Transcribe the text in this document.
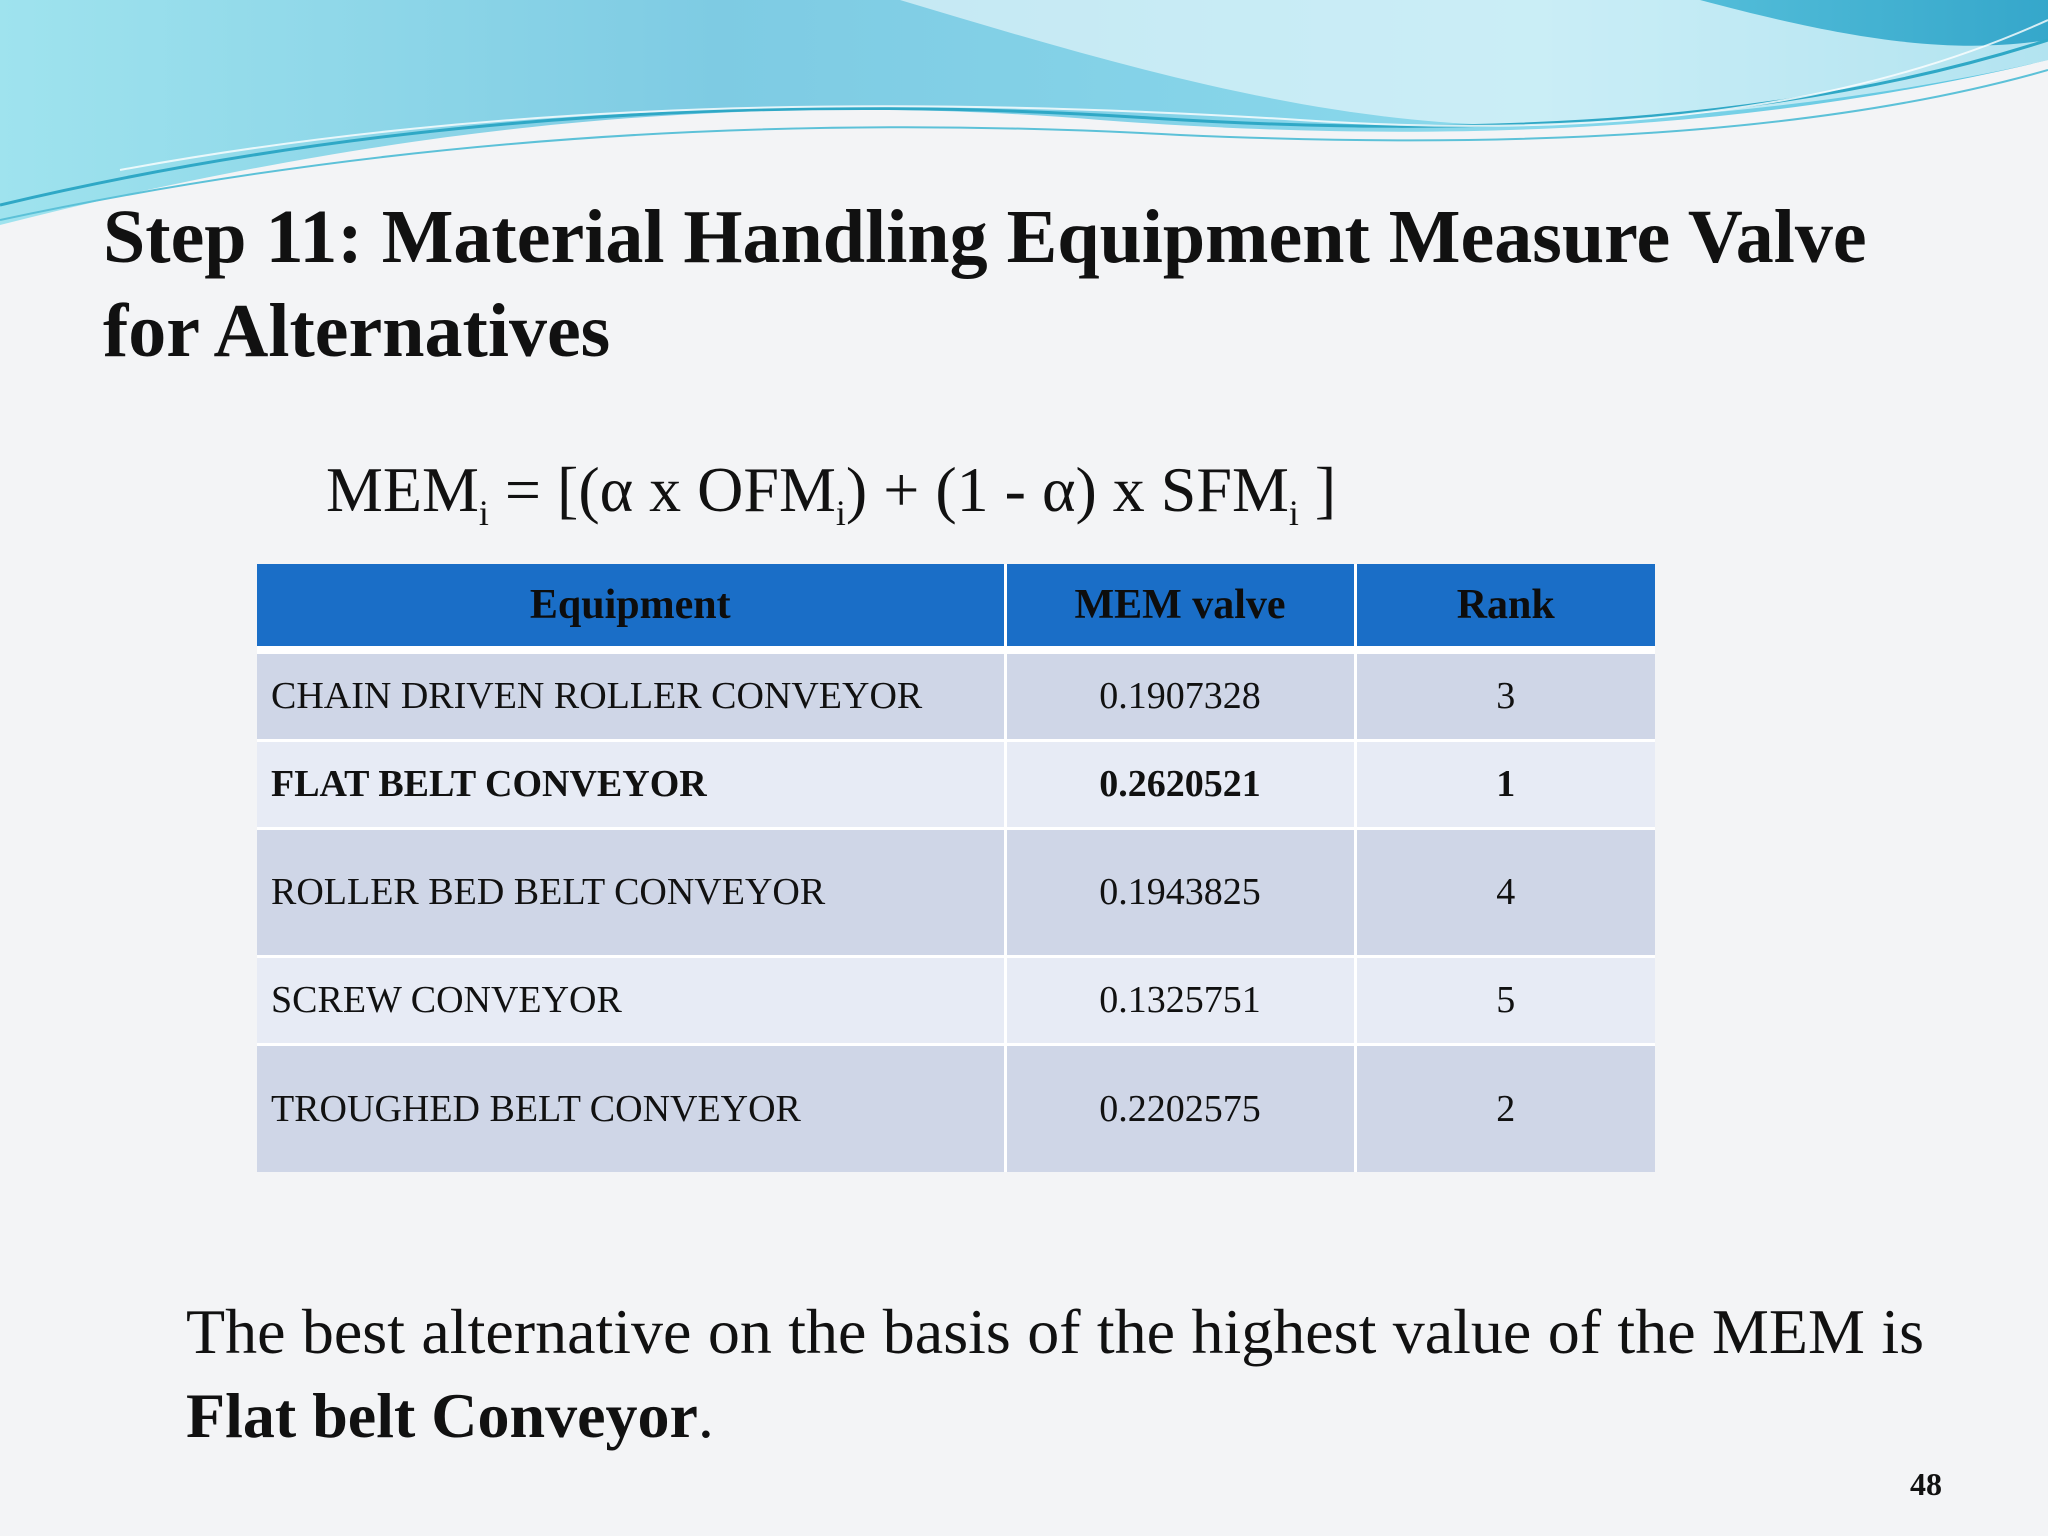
Step 11: Material Handling Equipment Measure Valve for Alternatives
$MEM_i = [(\alpha$ x $OFM_i) + (1 - \alpha)$ x $SFM_i$ ]
Equipment	MEM valve	Rank
CHAIN DRIVEN ROLLER CONVEYOR	0.1907328	3
FLAT BELT CONVEYOR	0.2620521	1
ROLLER BED BELT CONVEYOR	0.1943825	4
SCREW CONVEYOR	0.1325751	5
TROUGHED BELT CONVEYOR	0.2202575	2

The best alternative on the basis of the highest value of the MEM is Flat belt Conveyor.

48
